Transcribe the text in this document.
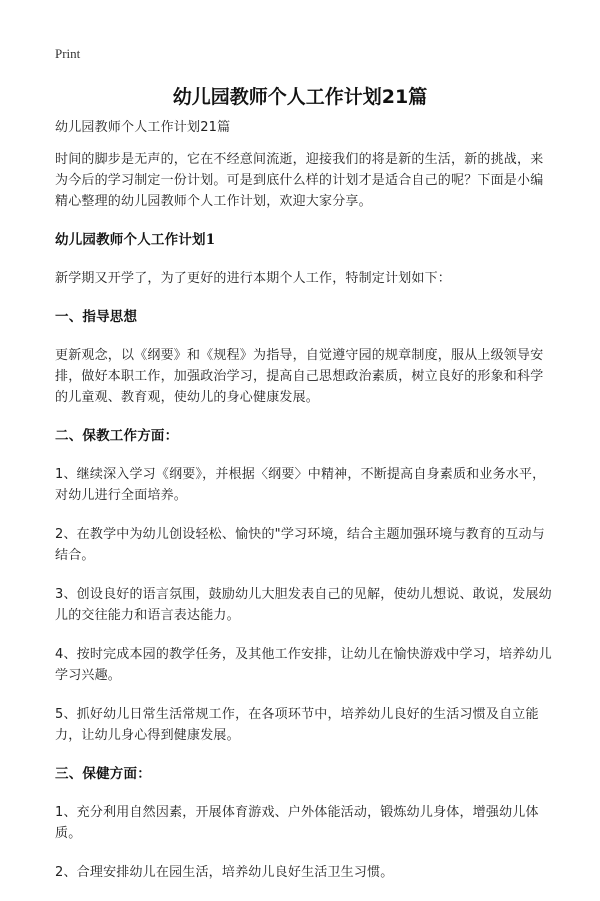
Print
幼儿园教师个人工作计划21篇

幼儿园教师个人工作计划21篇

时间的脚步是无声的，它在不经意间流逝，迎接我们的将是新的生活，新的挑战，来为今后的学习制定一份计划。可是到底什么样的计划才是适合自己的呢？下面是小编精心整理的幼儿园教师个人工作计划，欢迎大家分享。

幼儿园教师个人工作计划1

新学期又开学了，为了更好的进行本期个人工作，特制定计划如下：

一、指导思想

更新观念，以《纲要》和《规程》为指导，自觉遵守园的规章制度，服从上级领导安排，做好本职工作，加强政治学习，提高自己思想政治素质，树立良好的形象和科学的儿童观、教育观，使幼儿的身心健康发展。

二、保教工作方面：

1、继续深入学习《纲要》，并根据〈纲要〉中精神，不断提高自身素质和业务水平，对幼儿进行全面培养。

2、在教学中为幼儿创设轻松、愉快的"学习环境，结合主题加强环境与教育的互动与结合。

3、创设良好的语言氛围，鼓励幼儿大胆发表自己的见解，使幼儿想说、敢说，发展幼儿的交往能力和语言表达能力。

4、按时完成本园的教学任务，及其他工作安排，让幼儿在愉快游戏中学习，培养幼儿学习兴趣。

5、抓好幼儿日常生活常规工作，在各项环节中，培养幼儿良好的生活习惯及自立能力，让幼儿身心得到健康发展。

三、保健方面：

1、充分利用自然因素，开展体育游戏、户外体能活动，锻炼幼儿身体，增强幼儿体质。

2、合理安排幼儿在园生活，培养幼儿良好生活卫生习惯。
